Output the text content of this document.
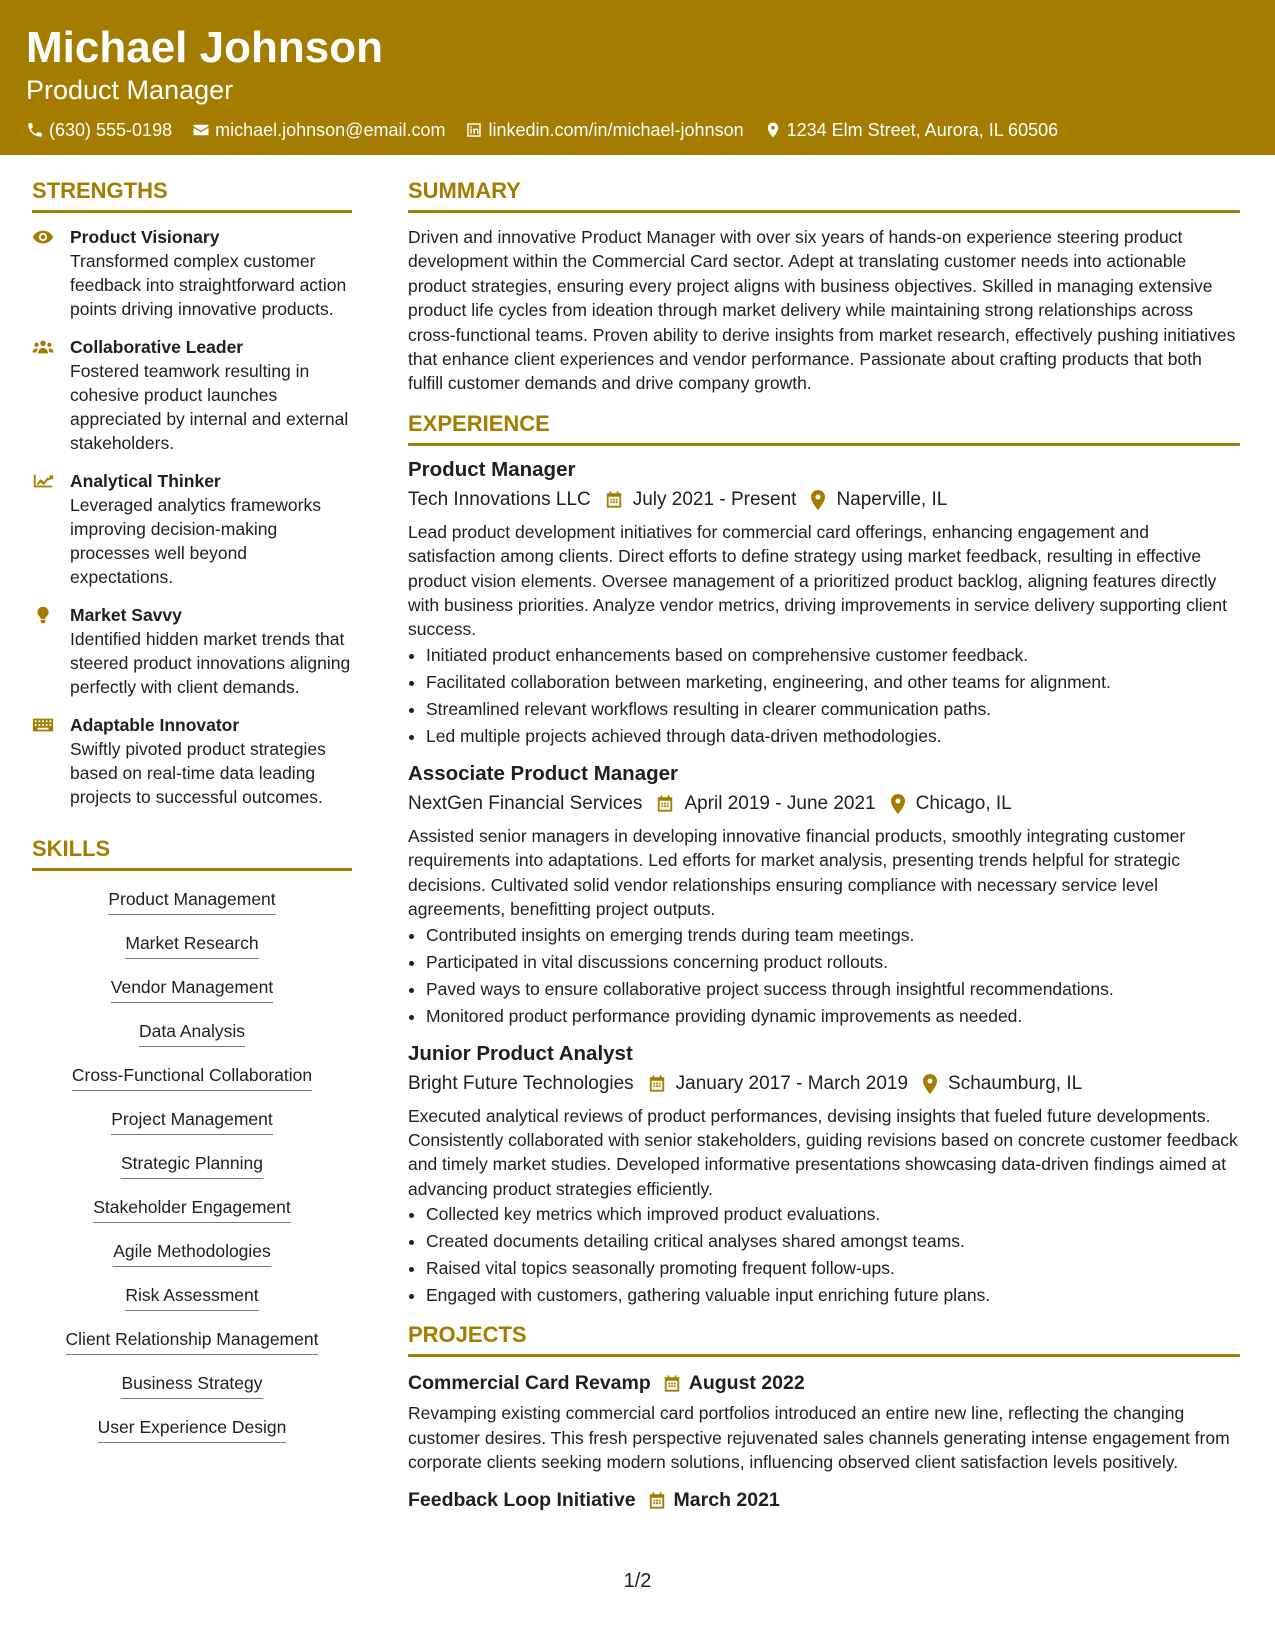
Michael Johnson
Product Manager
(630) 555-0198 michael.johnson@email.com linkedin.com/in/michael-johnson 1234 Elm Street, Aurora, IL 60506
STRENGTHS
Product Visionary
Transformed complex customer feedback into straightforward action points driving innovative products.
Collaborative Leader
Fostered teamwork resulting in cohesive product launches appreciated by internal and external stakeholders.
Analytical Thinker
Leveraged analytics frameworks improving decision-making processes well beyond expectations.
Market Savvy
Identified hidden market trends that steered product innovations aligning perfectly with client demands.
Adaptable Innovator
Swiftly pivoted product strategies based on real-time data leading projects to successful outcomes.
SKILLS
Product Management
Market Research
Vendor Management
Data Analysis
Cross-Functional Collaboration
Project Management
Strategic Planning
Stakeholder Engagement
Agile Methodologies
Risk Assessment
Client Relationship Management
Business Strategy
User Experience Design
SUMMARY

Driven and innovative Product Manager with over six years of hands-on experience steering product development within the Commercial Card sector. Adept at translating customer needs into actionable product strategies, ensuring every project aligns with business objectives. Skilled in managing extensive product life cycles from ideation through market delivery while maintaining strong relationships across cross-functional teams. Proven ability to derive insights from market research, effectively pushing initiatives that enhance client experiences and vendor performance. Passionate about crafting products that both fulfill customer demands and drive company growth.

EXPERIENCE
Product Manager
Tech Innovations LLC July 2021 - Present Naperville, IL

Lead product development initiatives for commercial card offerings, enhancing engagement and satisfaction among clients. Direct efforts to define strategy using market feedback, resulting in effective product vision elements. Oversee management of a prioritized product backlog, aligning features directly with business priorities. Analyze vendor metrics, driving improvements in service delivery supporting client success.

• Initiated product enhancements based on comprehensive customer feedback.
• Facilitated collaboration between marketing, engineering, and other teams for alignment.
• Streamlined relevant workflows resulting in clearer communication paths.
• Led multiple projects achieved through data-driven methodologies.
Associate Product Manager
NextGen Financial Services April 2019 - June 2021 Chicago, IL

Assisted senior managers in developing innovative financial products, smoothly integrating customer requirements into adaptations. Led efforts for market analysis, presenting trends helpful for strategic decisions. Cultivated solid vendor relationships ensuring compliance with necessary service level agreements, benefitting project outputs.

• Contributed insights on emerging trends during team meetings.
• Participated in vital discussions concerning product rollouts.
• Paved ways to ensure collaborative project success through insightful recommendations.
• Monitored product performance providing dynamic improvements as needed.
Junior Product Analyst
Bright Future Technologies January 2017 - March 2019 Schaumburg, IL

Executed analytical reviews of product performances, devising insights that fueled future developments. Consistently collaborated with senior stakeholders, guiding revisions based on concrete customer feedback and timely market studies. Developed informative presentations showcasing data-driven findings aimed at advancing product strategies efficiently.

• Collected key metrics which improved product evaluations.
• Created documents detailing critical analyses shared amongst teams.
• Raised vital topics seasonally promoting frequent follow-ups.
• Engaged with customers, gathering valuable input enriching future plans.
PROJECTS
Commercial Card Revamp August 2022

Revamping existing commercial card portfolios introduced an entire new line, reflecting the changing customer desires. This fresh perspective rejuvenated sales channels generating intense engagement from corporate clients seeking modern solutions, influencing observed client satisfaction levels positively.

Feedback Loop Initiative March 2021
1/2
